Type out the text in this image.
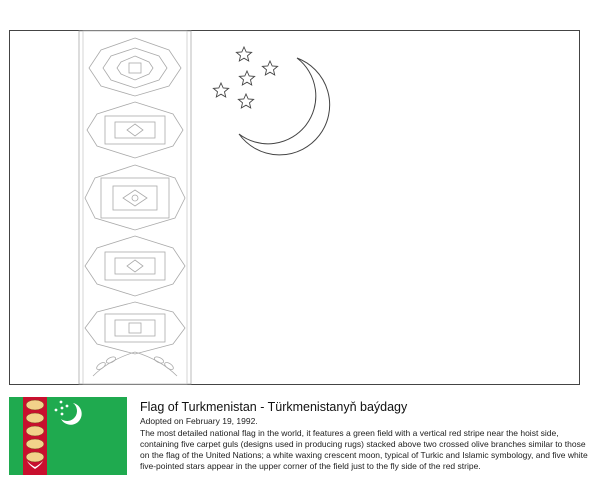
Flag of Turkmenistan - Türkmenistanyň baýdagy
Adopted on February 19, 1992.
The most detailed national flag in the world, it features a green field with a vertical red stripe near the hoist side, containing five carpet guls (designs used in producing rugs) stacked above two crossed olive branches similar to those on the flag of the United Nations; a white waxing crescent moon, typical of Turkic and Islamic symbology, and five white five-pointed stars appear in the upper corner of the field just to the fly side of the red stripe.
